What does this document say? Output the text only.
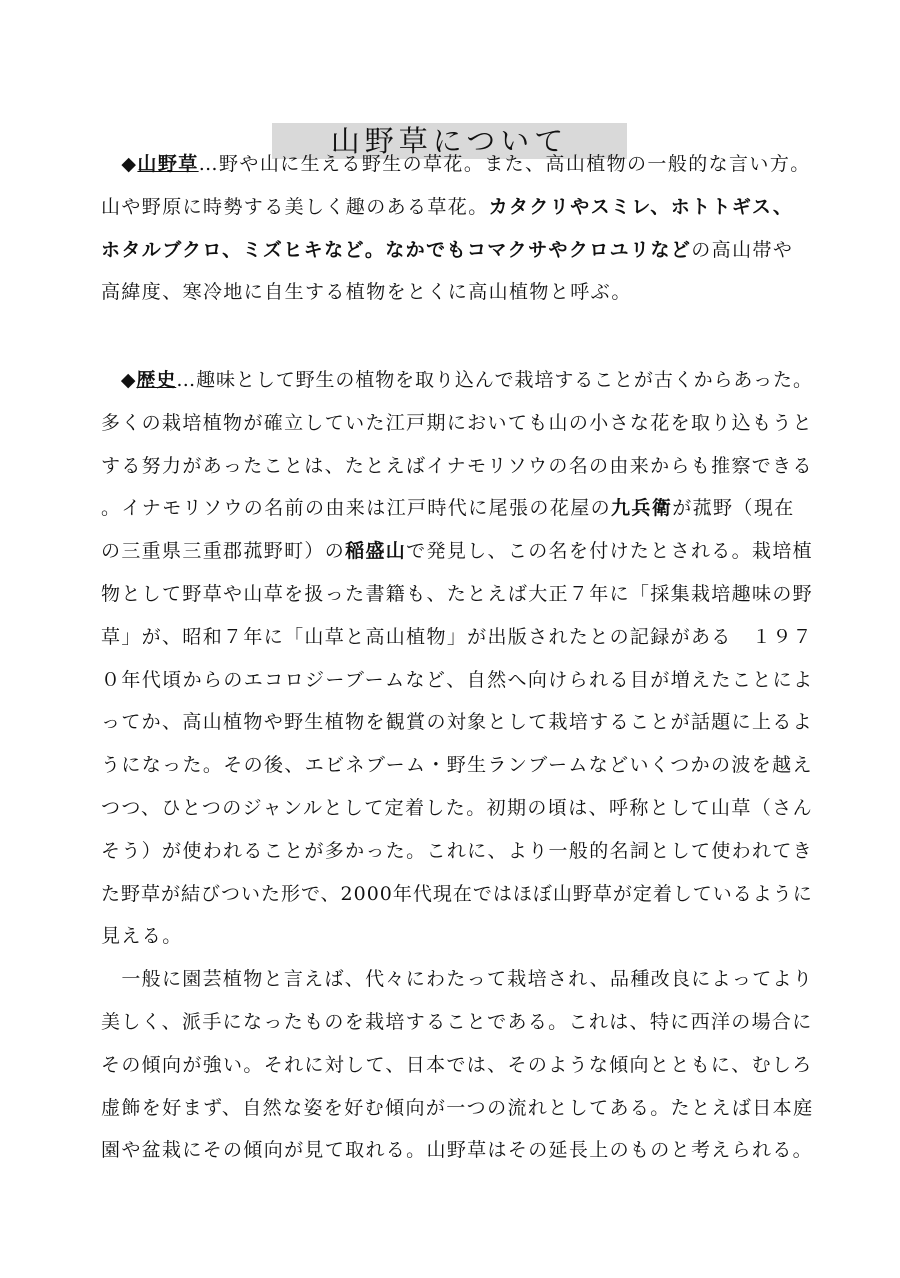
山野草について
　◆山野草…野や山に生える野生の草花。また、高山植物の一般的な言い方。
山や野原に時勢する美しく趣のある草花。カタクリやスミレ、ホトトギス、
ホタルブクロ、ミズヒキなど。なかでもコマクサやクロユリなどの高山帯や
高緯度、寒冷地に自生する植物をとくに高山植物と呼ぶ。
　◆歴史…趣味として野生の植物を取り込んで栽培することが古くからあった。
多くの栽培植物が確立していた江戸期においても山の小さな花を取り込もうと
する努力があったことは、たとえばイナモリソウの名の由来からも推察できる
。イナモリソウの名前の由来は江戸時代に尾張の花屋の九兵衛が菰野（現在
の三重県三重郡菰野町）の稲盛山で発見し、この名を付けたとされる。栽培植
物として野草や山草を扱った書籍も、たとえば大正７年に「採集栽培趣味の野
草」が、昭和７年に「山草と高山植物」が出版されたとの記録がある　１９７
０年代頃からのエコロジーブームなど、自然へ向けられる目が増えたことによ
ってか、高山植物や野生植物を観賞の対象として栽培することが話題に上るよ
うになった。その後、エビネブーム・野生ランブームなどいくつかの波を越え
つつ、ひとつのジャンルとして定着した。初期の頃は、呼称として山草（さん
そう）が使われることが多かった。これに、より一般的名詞として使われてき
た野草が結びついた形で、2000年代現在ではほぼ山野草が定着しているように
見える。
　一般に園芸植物と言えば、代々にわたって栽培され、品種改良によってより
美しく、派手になったものを栽培することである。これは、特に西洋の場合に
その傾向が強い。それに対して、日本では、そのような傾向とともに、むしろ
虚飾を好まず、自然な姿を好む傾向が一つの流れとしてある。たとえば日本庭
園や盆栽にその傾向が見て取れる。山野草はその延長上のものと考えられる。
